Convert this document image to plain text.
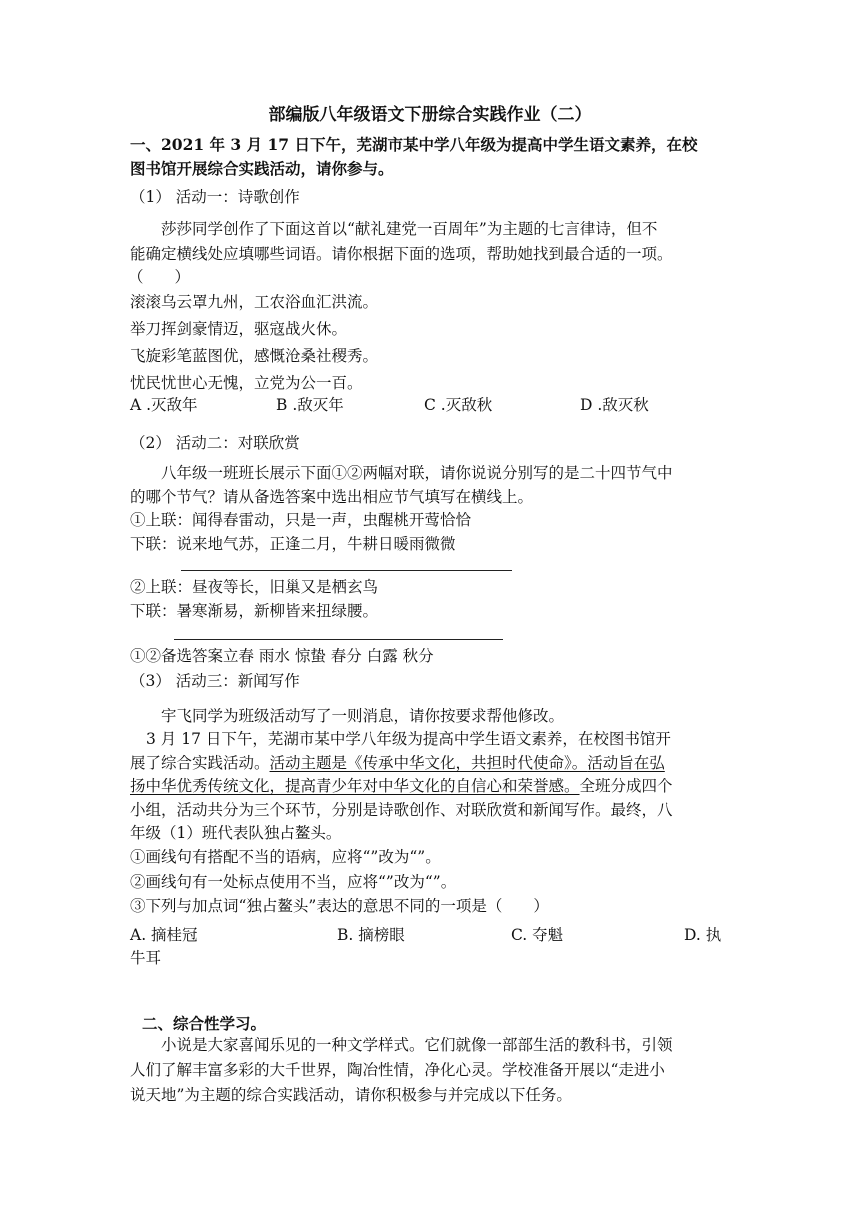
部编版八年级语文下册综合实践作业（二）
一、2021 年 3 月 17 日下午，芜湖市某中学八年级为提高中学生语文素养，在校
图书馆开展综合实践活动，请你参与。
（1） 活动一：诗歌创作
莎莎同学创作了下面这首以“献礼建党一百周年”为主题的七言律诗，但不
能确定横线处应填哪些词语。请你根据下面的选项，帮助她找到最合适的一项。
（　　）
滚滚乌云罩九州，工农浴血汇洪流。
举刀挥剑豪情迈，驱寇战火休。
飞旋彩笔蓝图优，感慨沧桑社稷秀。
忧民忧世心无愧，立党为公一百。
A .灭敌年	B .敌灭年	C .灭敌秋	D .敌灭秋
（2） 活动二：对联欣赏
八年级一班班长展示下面①②两幅对联，请你说说分别写的是二十四节气中
的哪个节气？请从备选答案中选出相应节气填写在横线上。
①上联：闻得春雷动，只是一声，虫醒桃开莺恰恰
下联：说来地气苏，正逢二月，牛耕日暖雨微微
②上联：昼夜等长，旧巢又是栖玄鸟
下联：暑寒渐易，新柳皆来扭绿腰。
①②备选答案立春 雨水 惊蛰 春分 白露 秋分
（3） 活动三：新闻写作
宇飞同学为班级活动写了一则消息，请你按要求帮他修改。
3 月 17 日下午，芜湖市某中学八年级为提高中学生语文素养，在校图书馆开
展了综合实践活动。活动主题是《传承中华文化，共担时代使命》。活动旨在弘
扬中华优秀传统文化，提高青少年对中华文化的自信心和荣誉感。全班分成四个
小组，活动共分为三个环节，分别是诗歌创作、对联欣赏和新闻写作。最终，八
年级（1）班代表队独占鳌头。
①画线句有搭配不当的语病，应将“”改为“”。
②画线句有一处标点使用不当，应将“”改为“”。
③下列与加点词“独占鳌头”表达的意思不同的一项是（　　）
A. 摘桂冠	B. 摘榜眼	C. 夺魁	D. 执
牛耳
二、综合性学习。
小说是大家喜闻乐见的一种文学样式。它们就像一部部生活的教科书，引领
人们了解丰富多彩的大千世界，陶冶性情，净化心灵。学校准备开展以“走进小
说天地”为主题的综合实践活动，请你积极参与并完成以下任务。
